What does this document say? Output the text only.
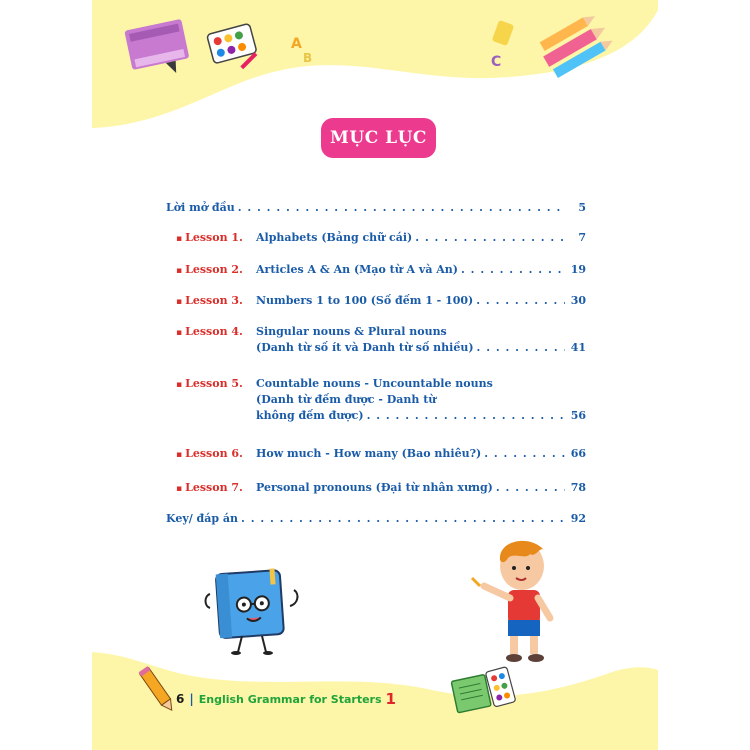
A
B	C
MỤC LỤC
Lời mở đầu . . .	5
▪ Lesson 1. Alphabets (Bảng chữ cái) . . .	7
▪ Lesson 2. Articles A & An (Mạo từ A và An) . . .	19
▪ Lesson 3. Numbers 1 to 100 (Số đếm 1 - 100) . . .	30
▪ Lesson 4. Singular nouns & Plural nouns
(Danh từ số ít và Danh từ số nhiều) . . .	41
▪ Lesson 5. Countable nouns - Uncountable nouns
(Danh từ đếm được - Danh từ
không đếm được) . . .	56
▪ Lesson 6. How much - How many (Bao nhiêu?) . . .	66
▪ Lesson 7. Personal pronouns (Đại từ nhân xưng) . . .	78
Key/ đáp án . . .	92
6 | English Grammar for Starters 1
